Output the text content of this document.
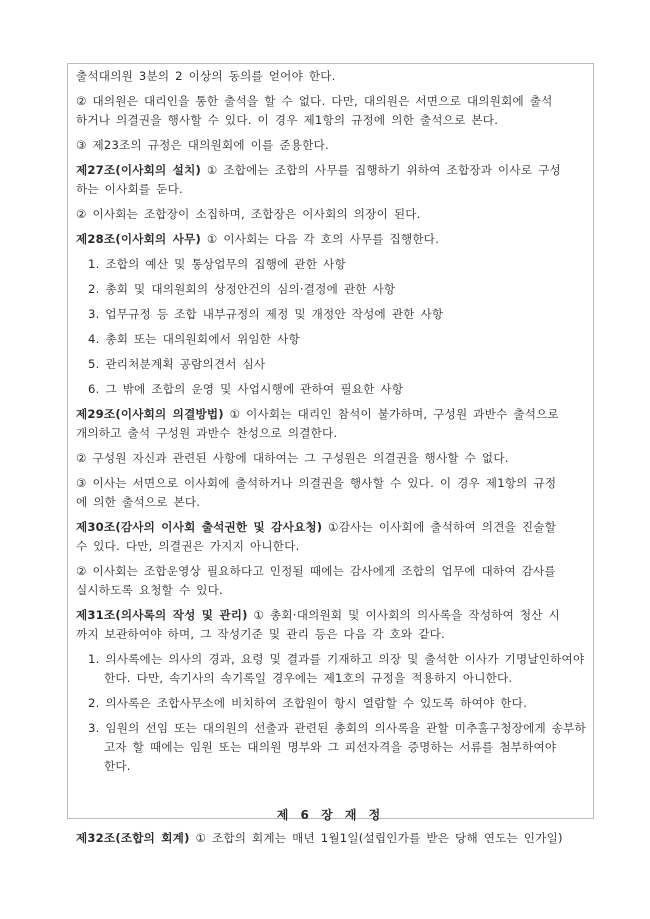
출석대의원 3분의 2 이상의 동의를 얻어야 한다.
② 대의원은 대리인을 통한 출석을 할 수 없다. 다만, 대의원은 서면으로 대의원회에 출석
하거나 의결권을 행사할 수 있다. 이 경우 제1항의 규정에 의한 출석으로 본다.
③ 제23조의 규정은 대의원회에 이를 준용한다.
제27조(이사회의 설치) ① 조합에는 조합의 사무를 집행하기 위하여 조합장과 이사로 구성
하는 이사회를 둔다.
② 이사회는 조합장이 소집하며, 조합장은 이사회의 의장이 된다.
제28조(이사회의 사무) ① 이사회는 다음 각 호의 사무를 집행한다.
1. 조합의 예산 및 통상업무의 집행에 관한 사항
2. 총회 및 대의원회의 상정안건의 심의·결정에 관한 사항
3. 업무규정 등 조합 내부규정의 제정 및 개정안 작성에 관한 사항
4. 총회 또는 대의원회에서 위임한 사항
5. 관리처분계획 공람의견서 심사
6. 그 밖에 조합의 운영 및 사업시행에 관하여 필요한 사항
제29조(이사회의 의결방법) ① 이사회는 대리인 참석이 불가하며, 구성원 과반수 출석으로
개의하고 출석 구성원 과반수 찬성으로 의결한다.
② 구성원 자신과 관련된 사항에 대하여는 그 구성원은 의결권을 행사할 수 없다.
③ 이사는 서면으로 이사회에 출석하거나 의결권을 행사할 수 있다. 이 경우 제1항의 규정
에 의한 출석으로 본다.
제30조(감사의 이사회 출석권한 및 감사요청) ①감사는 이사회에 출석하여 의견을 진술할
수 있다. 다만, 의결권은 가지지 아니한다.
② 이사회는 조합운영상 필요하다고 인정될 때에는 감사에게 조합의 업무에 대하여 감사를
실시하도록 요청할 수 있다.
제31조(의사록의 작성 및 관리) ① 총회·대의원회 및 이사회의 의사록을 작성하여 청산 시
까지 보관하여야 하며, 그 작성기준 및 관리 등은 다음 각 호와 같다.
1. 의사록에는 의사의 경과, 요령 및 결과를 기재하고 의장 및 출석한 이사가 기명날인하여야
한다. 다만, 속기사의 속기록일 경우에는 제1호의 규정을 적용하지 아니한다.
2. 의사록은 조합사무소에 비치하여 조합원이 항시 열람할 수 있도록 하여야 한다.
3. 임원의 선임 또는 대의원의 선출과 관련된 총회의 의사록을 관할 미추홀구청장에게 송부하
고자 할 때에는 임원 또는 대의원 명부와 그 피선자격을 증명하는 서류를 첨부하여야
한다.
제 6 장 재 정
제32조(조합의 회계) ① 조합의 회계는 매년 1월1일(설립인가를 받은 당해 연도는 인가일)
